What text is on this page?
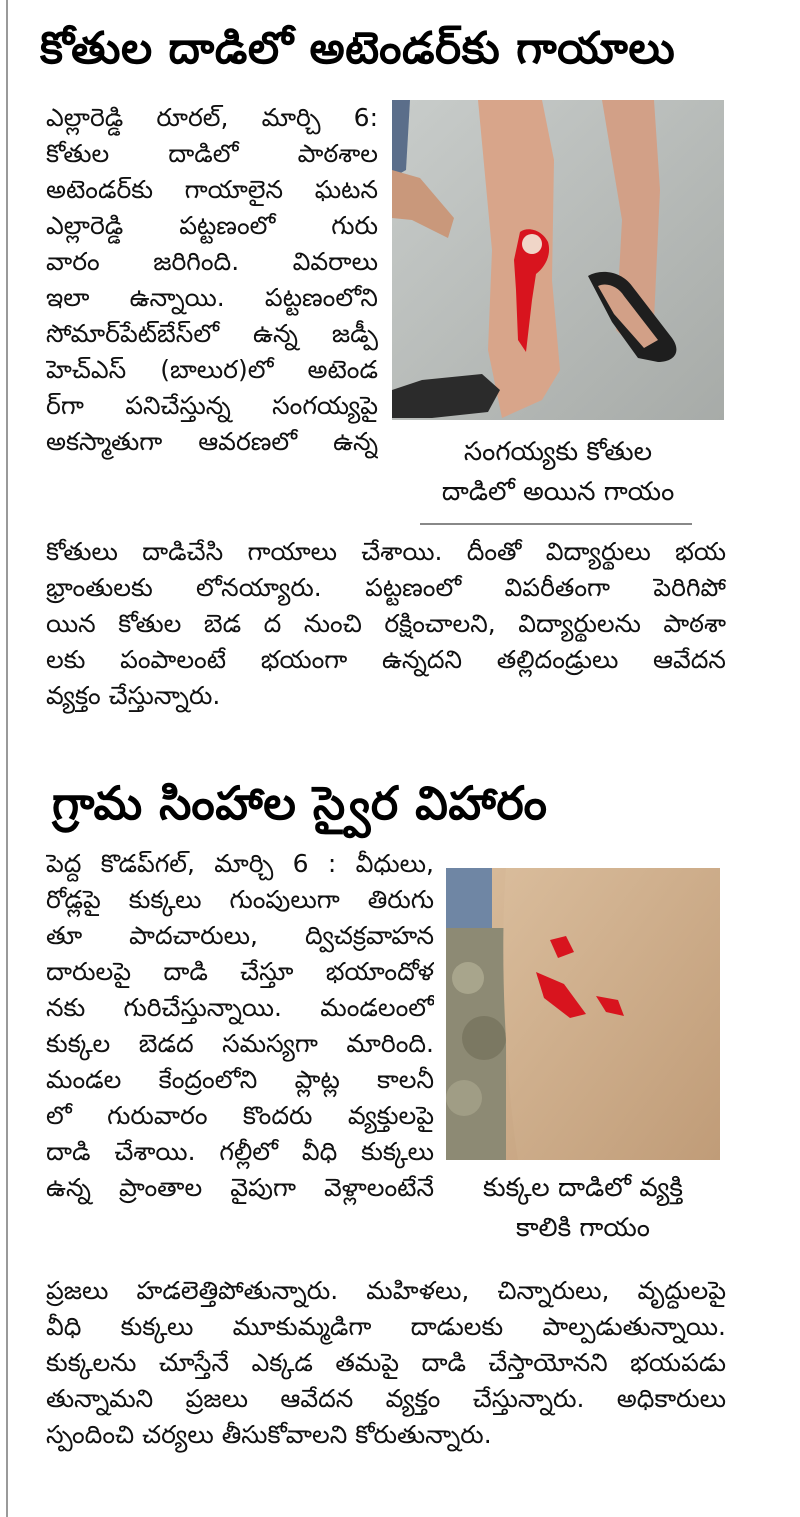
కోతుల దాడిలో అటెండర్‌కు గాయాలు
ఎల్లారెడ్డి రూరల్, మార్చి 6:
కోతుల దాడిలో పాఠశాల
అటెండర్‌కు గాయాలైన ఘటన
ఎల్లారెడ్డి పట్టణంలో గురు
వారం జరిగింది. వివరాలు
ఇలా ఉన్నాయి. పట్టణంలోని
సోమార్‌పేట్‌బేస్‌లో ఉన్న జడ్పీ
హెచ్‌ఎస్ (బాలుర)లో అటెండ
ర్‌గా పనిచేస్తున్న సంగయ్యపై
అకస్మాతుగా ఆవరణలో ఉన్న	సంగయ్యకు కోతుల
దాడిలో అయిన గాయం
కోతులు దాడిచేసి గాయాలు చేశాయి. దీంతో విద్యార్థులు భయ
భ్రాంతులకు లోనయ్యారు. పట్టణంలో విపరీతంగా పెరిగిపో
యిన కోతుల బెడ ద నుంచి రక్షించాలని, విద్యార్థులను పాఠశా
లకు పంపాలంటే భయంగా ఉన్నదని తల్లిదండ్రులు ఆవేదన
వ్యక్తం చేస్తున్నారు.
గ్రామ సింహాల స్వైర విహారం
పెద్ద కొడప్‌గల్, మార్చి 6 : వీధులు,
రోడ్లపై కుక్కలు గుంపులుగా తిరుగు
తూ పాదచారులు, ద్విచక్రవాహన
దారులపై దాడి చేస్తూ భయాందోళ
నకు గురిచేస్తున్నాయి. మండలంలో
కుక్కల బెడద సమస్యగా మారింది.
మండల కేంద్రంలోని ప్లాట్ల కాలనీ
లో గురువారం కొందరు వ్యక్తులపై
దాడి చేశాయి. గల్లీలో వీధి కుక్కలు
ఉన్న ప్రాంతాల వైపుగా వెళ్లాలంటేనే	కుక్కల దాడిలో వ్యక్తి
కాలికి గాయం
ప్రజలు హడలెత్తిపోతున్నారు. మహిళలు, చిన్నారులు, వృద్ధులపై
వీధి కుక్కలు మూకుమ్మడిగా దాడులకు పాల్పడుతున్నాయి.
కుక్కలను చూస్తేనే ఎక్కడ తమపై దాడి చేస్తాయోనని భయపడు
తున్నామని ప్రజలు ఆవేదన వ్యక్తం చేస్తున్నారు. అధికారులు
స్పందించి చర్యలు తీసుకోవాలని కోరుతున్నారు.
